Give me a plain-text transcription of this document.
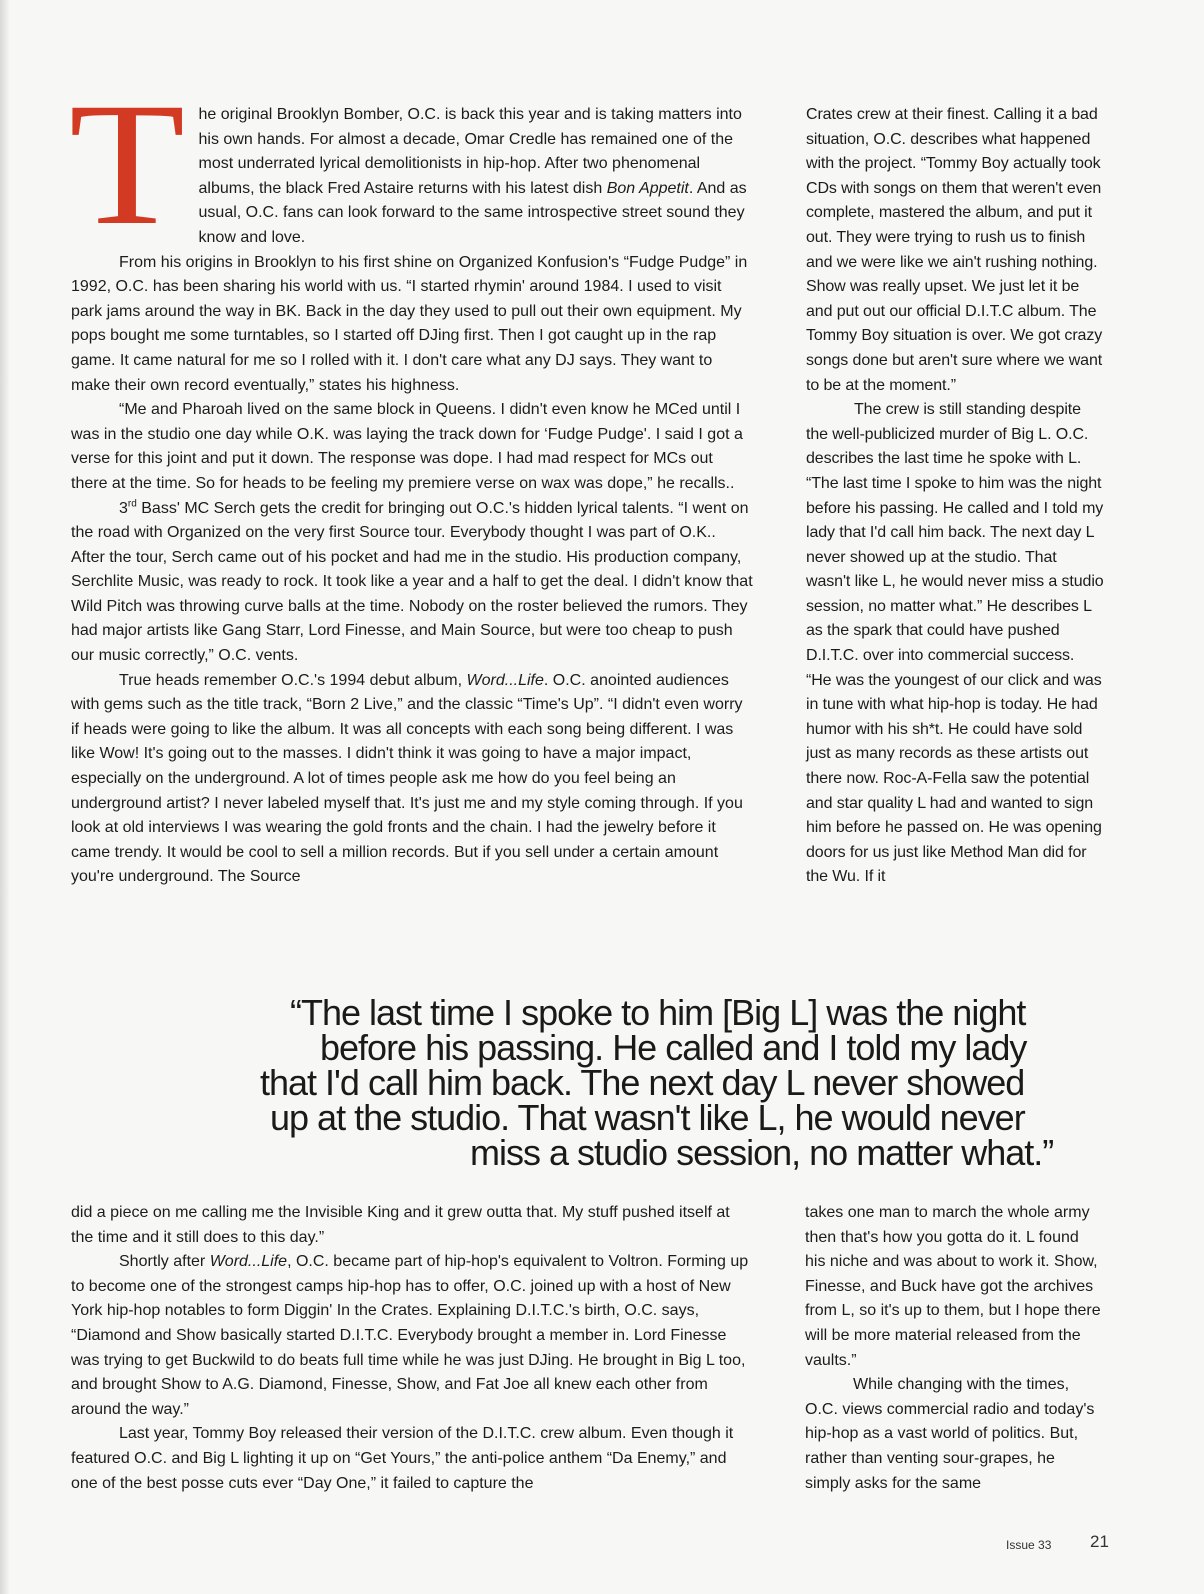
The original Brooklyn Bomber, O.C. is back this year and is taking matters into his own hands. For almost a decade, Omar Credle has remained one of the most underrated lyrical demolitionists in hip-hop. After two phenomenal albums, the black Fred Astaire returns with his latest dish Bon Appetit. And as usual, O.C. fans can look forward to the same introspective street sound they know and love.

From his origins in Brooklyn to his first shine on Organized Konfusion's “Fudge Pudge” in 1992, O.C. has been sharing his world with us. “I started rhymin' around 1984. I used to visit park jams around the way in BK. Back in the day they used to pull out their own equipment. My pops bought me some turntables, so I started off DJing first. Then I got caught up in the rap game. It came natural for me so I rolled with it. I don't care what any DJ says. They want to make their own record eventually,” states his highness.

“Me and Pharoah lived on the same block in Queens. I didn't even know he MCed until I was in the studio one day while O.K. was laying the track down for ‘Fudge Pudge'. I said I got a verse for this joint and put it down. The response was dope. I had mad respect for MCs out there at the time. So for heads to be feeling my premiere verse on wax was dope,” he recalls..

3rd Bass' MC Serch gets the credit for bringing out O.C.'s hidden lyrical talents. “I went on the road with Organized on the very first Source tour. Everybody thought I was part of O.K.. After the tour, Serch came out of his pocket and had me in the studio. His production company, Serchlite Music, was ready to rock. It took like a year and a half to get the deal. I didn't know that Wild Pitch was throwing curve balls at the time. Nobody on the roster believed the rumors. They had major artists like Gang Starr, Lord Finesse, and Main Source, but were too cheap to push our music correctly,” O.C. vents.

True heads remember O.C.'s 1994 debut album, Word...Life. O.C. anointed audiences with gems such as the title track, “Born 2 Live,” and the classic “Time's Up”. “I didn't even worry if heads were going to like the album. It was all concepts with each song being different. I was like Wow! It's going out to the masses. I didn't think it was going to have a major impact, especially on the underground. A lot of times people ask me how do you feel being an underground artist? I never labeled myself that. It's just me and my style coming through. If you look at old interviews I was wearing the gold fronts and the chain. I had the jewelry before it came trendy. It would be cool to sell a million records. But if you sell under a certain amount you're underground. The Source

Crates crew at their finest. Calling it a bad situation, O.C. describes what happened with the project. “Tommy Boy actually took CDs with songs on them that weren't even complete, mastered the album, and put it out. They were trying to rush us to finish and we were like we ain't rushing nothing. Show was really upset. We just let it be and put out our official D.I.T.C album. The Tommy Boy situation is over. We got crazy songs done but aren't sure where we want to be at the moment.”

The crew is still standing despite the well-publicized murder of Big L. O.C. describes the last time he spoke with L. “The last time I spoke to him was the night before his passing. He called and I told my lady that I'd call him back. The next day L never showed up at the studio. That wasn't like L, he would never miss a studio session, no matter what.” He describes L as the spark that could have pushed D.I.T.C. over into commercial success. “He was the youngest of our click and was in tune with what hip-hop is today. He had humor with his sh*t. He could have sold just as many records as these artists out there now. Roc-A-Fella saw the potential and star quality L had and wanted to sign him before he passed on. He was opening doors for us just like Method Man did for the Wu. If it

“The last time I spoke to him [Big L] was the night
before his passing. He called and I told my lady
that I'd call him back. The next day L never showed
up at the studio. That wasn't like L, he would never
miss a studio session, no matter what.”

did a piece on me calling me the Invisible King and it grew outta that. My stuff pushed itself at the time and it still does to this day.”

Shortly after Word...Life, O.C. became part of hip-hop's equivalent to Voltron. Forming up to become one of the strongest camps hip-hop has to offer, O.C. joined up with a host of New York hip-hop notables to form Diggin' In the Crates. Explaining D.I.T.C.'s birth, O.C. says, “Diamond and Show basically started D.I.T.C. Everybody brought a member in. Lord Finesse was trying to get Buckwild to do beats full time while he was just DJing. He brought in Big L too, and brought Show to A.G. Diamond, Finesse, Show, and Fat Joe all knew each other from around the way.”

Last year, Tommy Boy released their version of the D.I.T.C. crew album. Even though it featured O.C. and Big L lighting it up on “Get Yours,” the anti-police anthem “Da Enemy,” and one of the best posse cuts ever “Day One,” it failed to capture the

takes one man to march the whole army then that's how you gotta do it. L found his niche and was about to work it. Show, Finesse, and Buck have got the archives from L, so it's up to them, but I hope there will be more material released from the vaults.”

While changing with the times, O.C. views commercial radio and today's hip-hop as a vast world of politics. But, rather than venting sour-grapes, he simply asks for the same

Issue 33 21
